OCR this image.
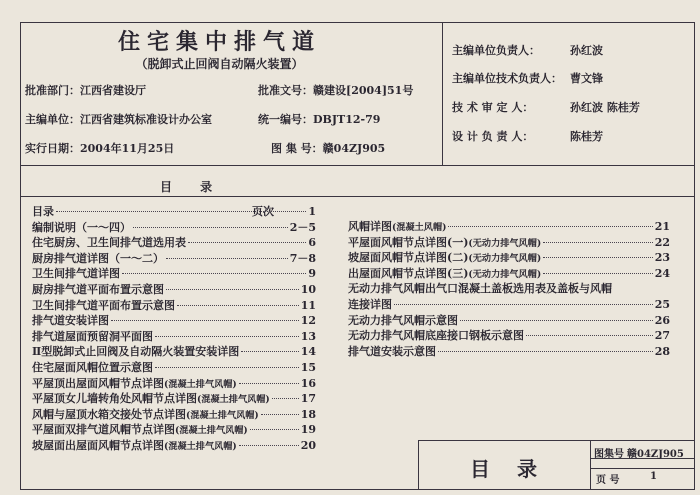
住宅集中排气道
（脱卸式止回阀自动隔火装置）
批准部门：江西省建设厅	批准文号：赣建设[2004]51号
主编单位：江西省建筑标准设计办公室	统一编号：DBJT12-79
实行日期：2004年11月25日	图 集 号：赣04ZJ905
主编单位负责人：	孙红波
主编单位技术负责人： 曹文锋
技 术 审 定 人：	孙红波 陈桂芳
设 计 负 责 人：	陈桂芳
目 录
页次
目录	1
编制说明（一～四）	2－5
住宅厨房、卫生间排气道选用表	6
厨房排气道详图（一～二）	7－8
卫生间排气道详图	9
厨房排气道平面布置示意图	10
卫生间排气道平面布置示意图	11
排气道安装详图	12
排气道屋面预留洞平面图	13
Ⅱ型脱卸式止回阀及自动隔火装置安装详图	14
住宅屋面风帽位置示意图	15
平屋顶出屋面风帽节点详图 (混凝土排气风帽)	16
平屋顶女儿墙转角处风帽节点详图 (混凝土排气风帽)	17
风帽与屋顶水箱交接处节点详图 (混凝土排气风帽)	18
平屋面双排气道风帽节点详图 (混凝土排气风帽)	19
坡屋面出屋面风帽节点详图 (混凝土排气风帽)	20
风帽详图 (混凝土风帽)	21
平屋面风帽节点详图(一) (无动力排气风帽)	22
坡屋面风帽节点详图(二) (无动力排气风帽)	23
出屋面风帽节点详图(三) (无动力排气风帽)	24
无动力排气风帽出气口混凝土盖板选用表及盖板与风帽
连接详图	25
无动力排气风帽示意图	26
无动力排气风帽底座接口钢板示意图	27
排气道安装示意图	28
目 录
图集号 赣04ZJ905
页 号	1
